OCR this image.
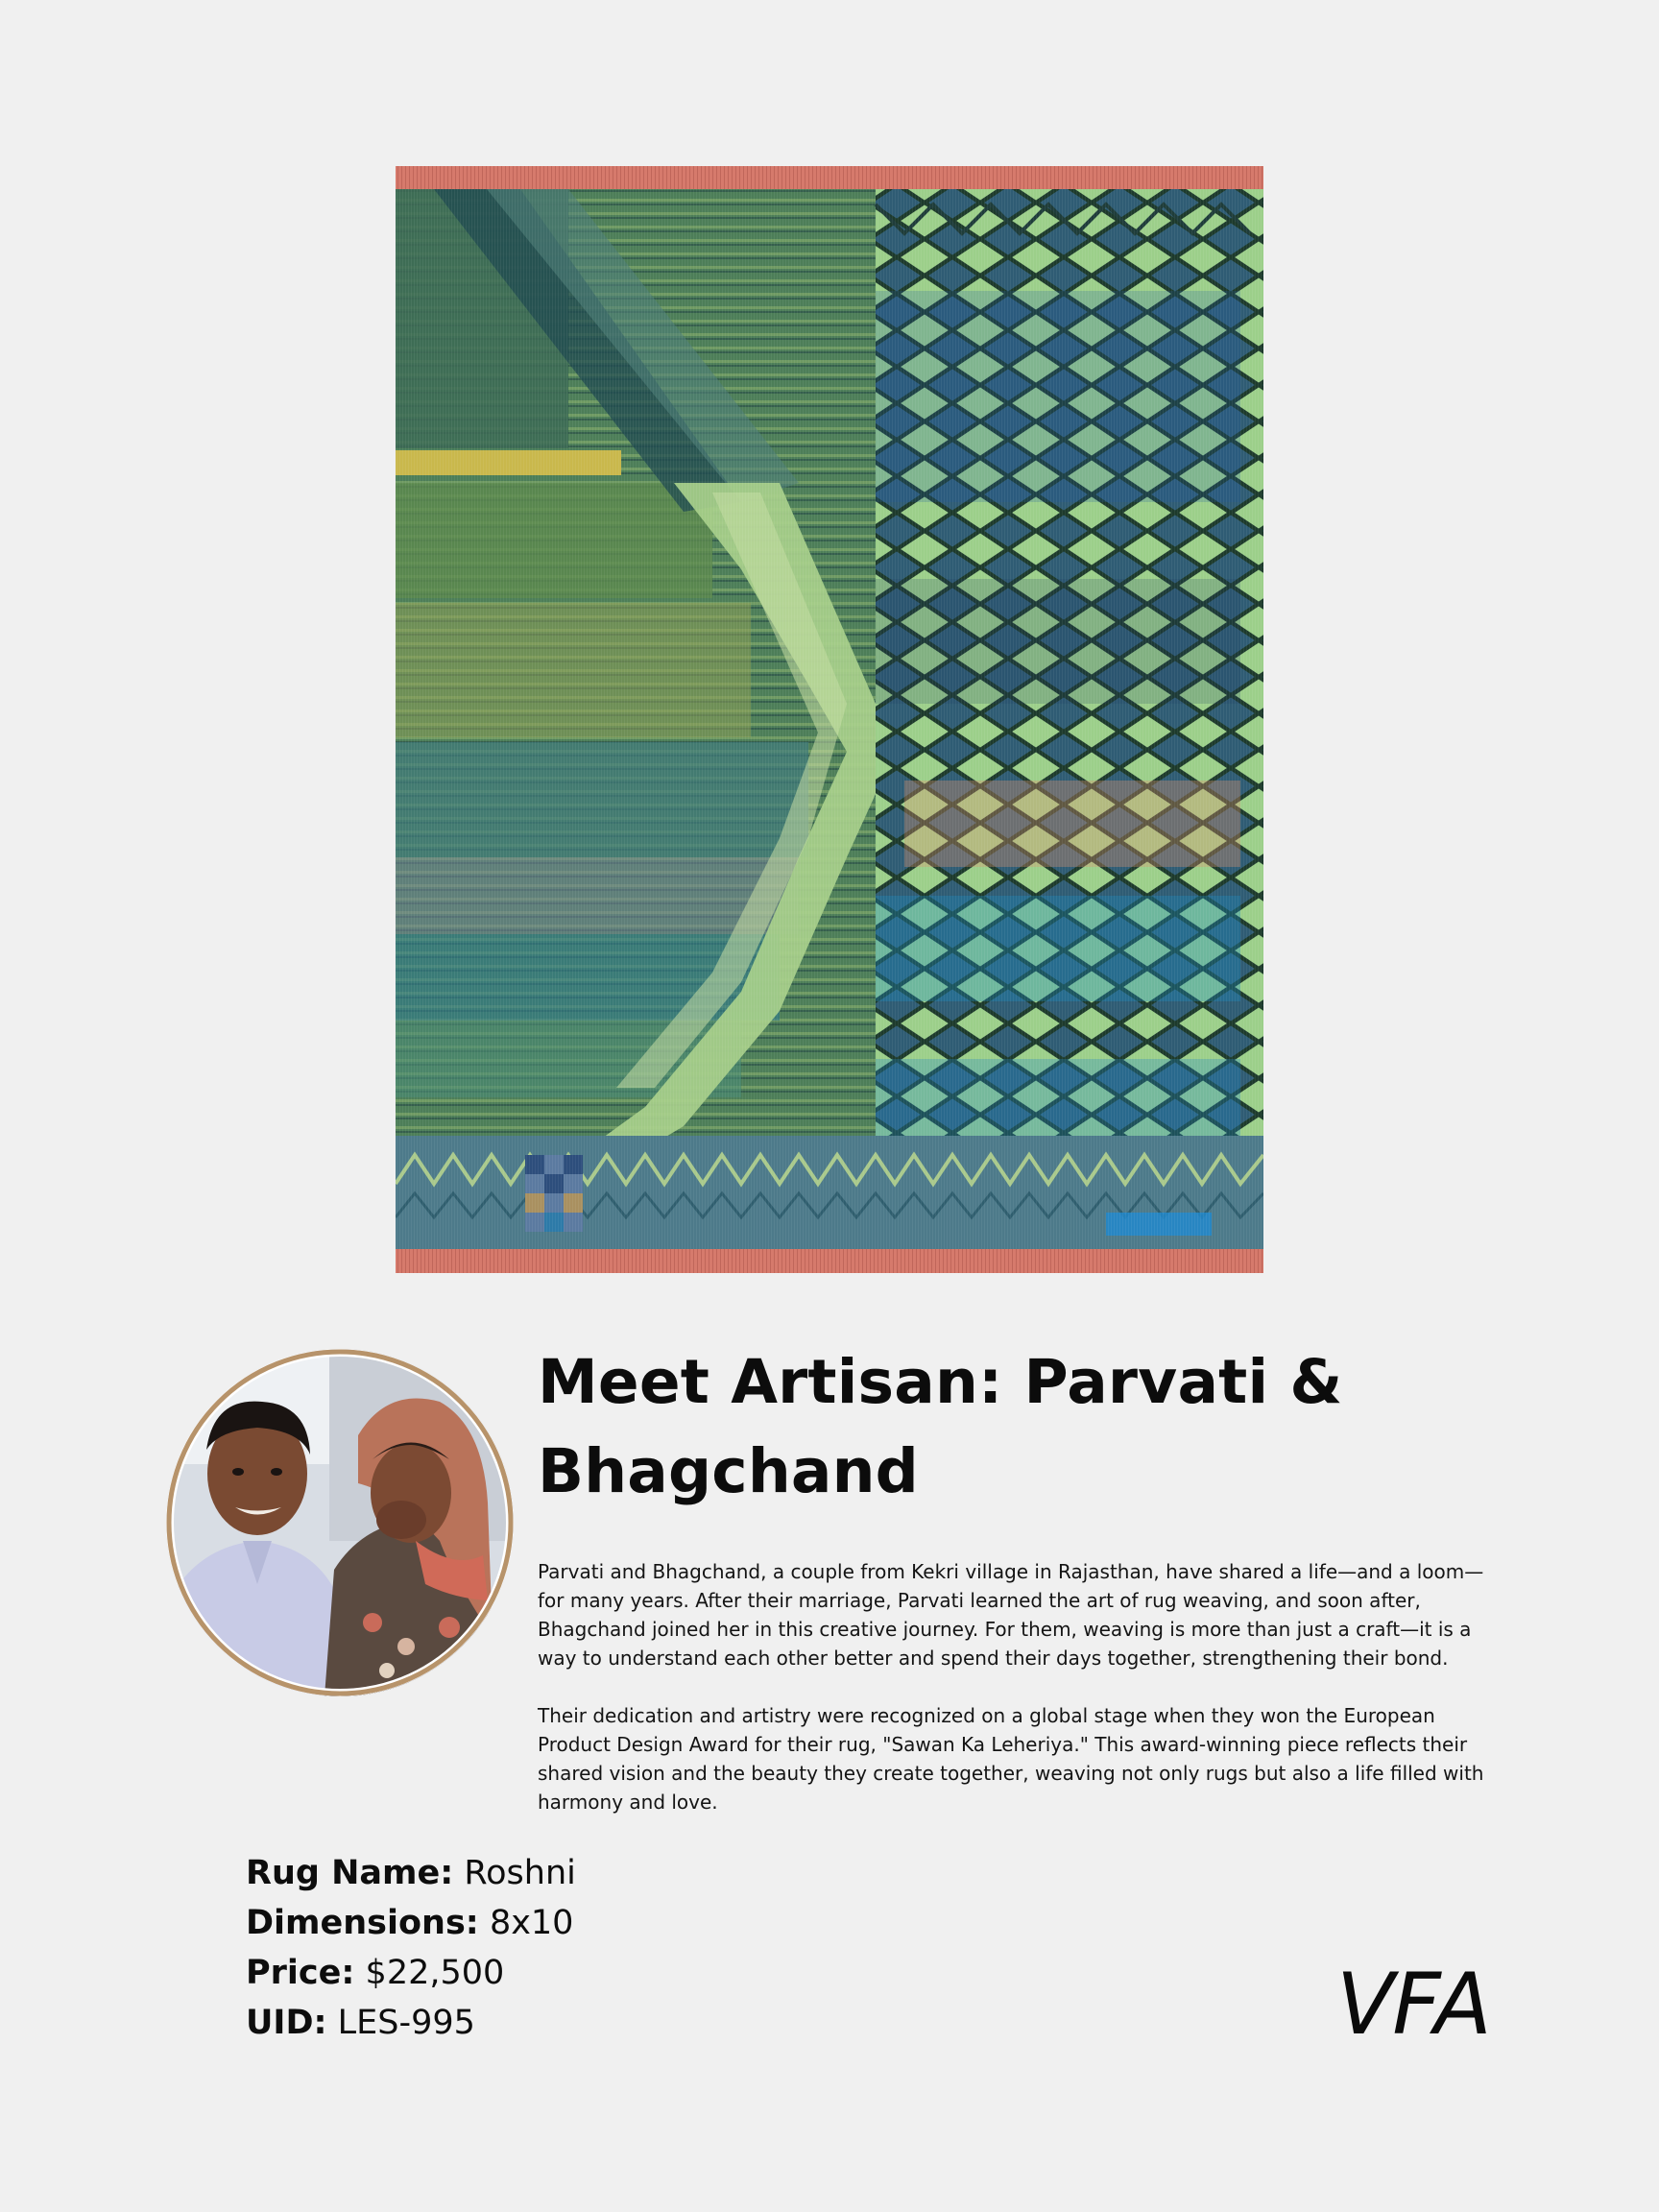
Meet Artisan: Parvati & Bhagchand

Parvati and Bhagchand, a couple from Kekri village in Rajasthan, have shared a life—and a loom—for many years. After their marriage, Parvati learned the art of rug weaving, and soon after, Bhagchand joined her in this creative journey. For them, weaving is more than just a craft—it is a way to understand each other better and spend their days together, strengthening their bond.

Their dedication and artistry were recognized on a global stage when they won the European Product Design Award for their rug, "Sawan Ka Leheriya." This award-winning piece reflects their shared vision and the beauty they create together, weaving not only rugs but also a life filled with harmony and love.

Rug Name: Roshni
Dimensions: 8x10
Price: $22,500
UID: LES-995	VFA
